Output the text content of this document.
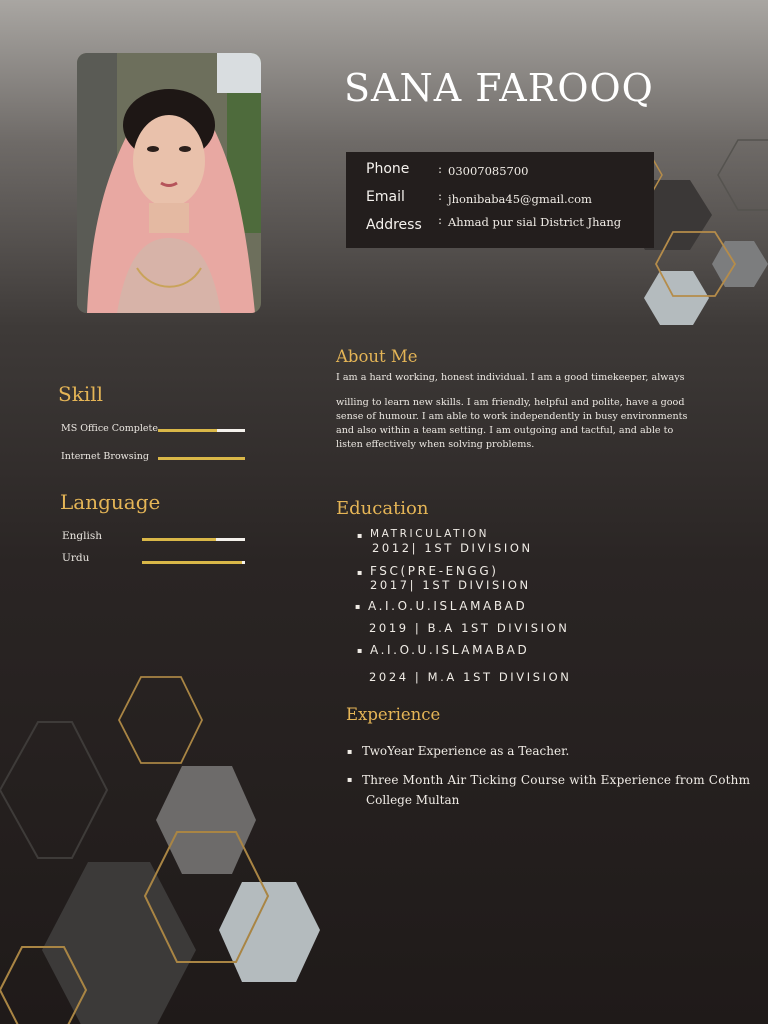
SANA FAROOQ
Phone : 03007085700
Email	: jhonibaba45@gmail.com
Address : Ahmad pur sial District Jhang
About Me
I am a hard working, honest individual. I am a good timekeeper, always
willing to learn new skills. I am friendly, helpful and polite, have a good sense of humour. I am able to work independently in busy environments and also within a team setting. I am outgoing and tactful, and able to listen effectively when solving problems.
Skill
MS Office Complete
Internet Browsing
Language
English
Urdu
Education
▪ MATRICULATION
2012| 1ST DIVISION
▪ FSC(PRE-ENGG)
2017| 1ST DIVISION
▪ A.I.O.U.ISLAMABAD
2019 | B.A 1ST DIVISION
▪ A.I.O.U.ISLAMABAD
2024 | M.A 1ST DIVISION
Experience
▪ TwoYear Experience as a Teacher.
▪ Three Month Air Ticking Course with Experience from Cothm
College Multan
